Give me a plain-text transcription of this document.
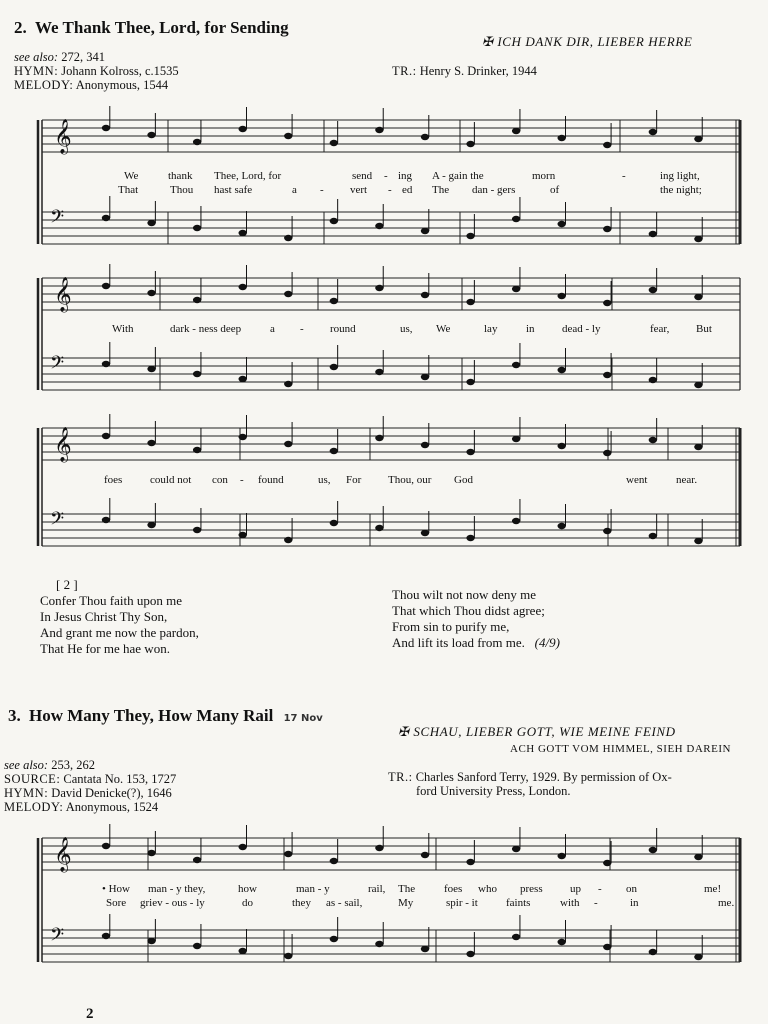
2. We Thank Thee, Lord, for Sending
✠ ICH DANK DIR, LIEBER HERRE
see also: 272, 341
HYMN: Johann Kolross, c.1535
MELODY: Anonymous, 1544
TR.: Henry S. Drinker, 1944
𝄞
𝄞
𝄞
𝄞
𝄢
𝄢
𝄢
𝄢
We	thank Thee, Lord, for	send - ing A - gain the	morn	-	ing light,
That	Thou hast safe	a - vert - ed The dan - gers	of	the night;
With	dark - ness deep	a - round	us, We	lay	in dead - ly	fear, But
foes	could not con - found	us, For Thou, our God	went	near.
[ 2 ]
Confer Thou faith upon me
In Jesus Christ Thy Son,
And grant me now the pardon,
That He for me hae won.
Thou wilt not now deny me
That which Thou didst agree;
From sin to purify me,
And lift its load from me. (4/9)
3. How Many They, How Many Rail 17 Nov
✠ SCHAU, LIEBER GOTT, WIE MEINE FEIND
ACH GOTT VOM HIMMEL, SIEH DAREIN
see also: 253, 262
SOURCE: Cantata No. 153, 1727
HYMN: David Denicke(?), 1646
MELODY: Anonymous, 1524
TR.: Charles Sanford Terry, 1929. By permission of Ox-
ford University Press, London.
• How man - y they,	how	man - y	rail, The	foes who press up - on	me!
Sore griev - ous - ly	do	they as - sail,	My	spir - it	faints	with -	in	me.
2
